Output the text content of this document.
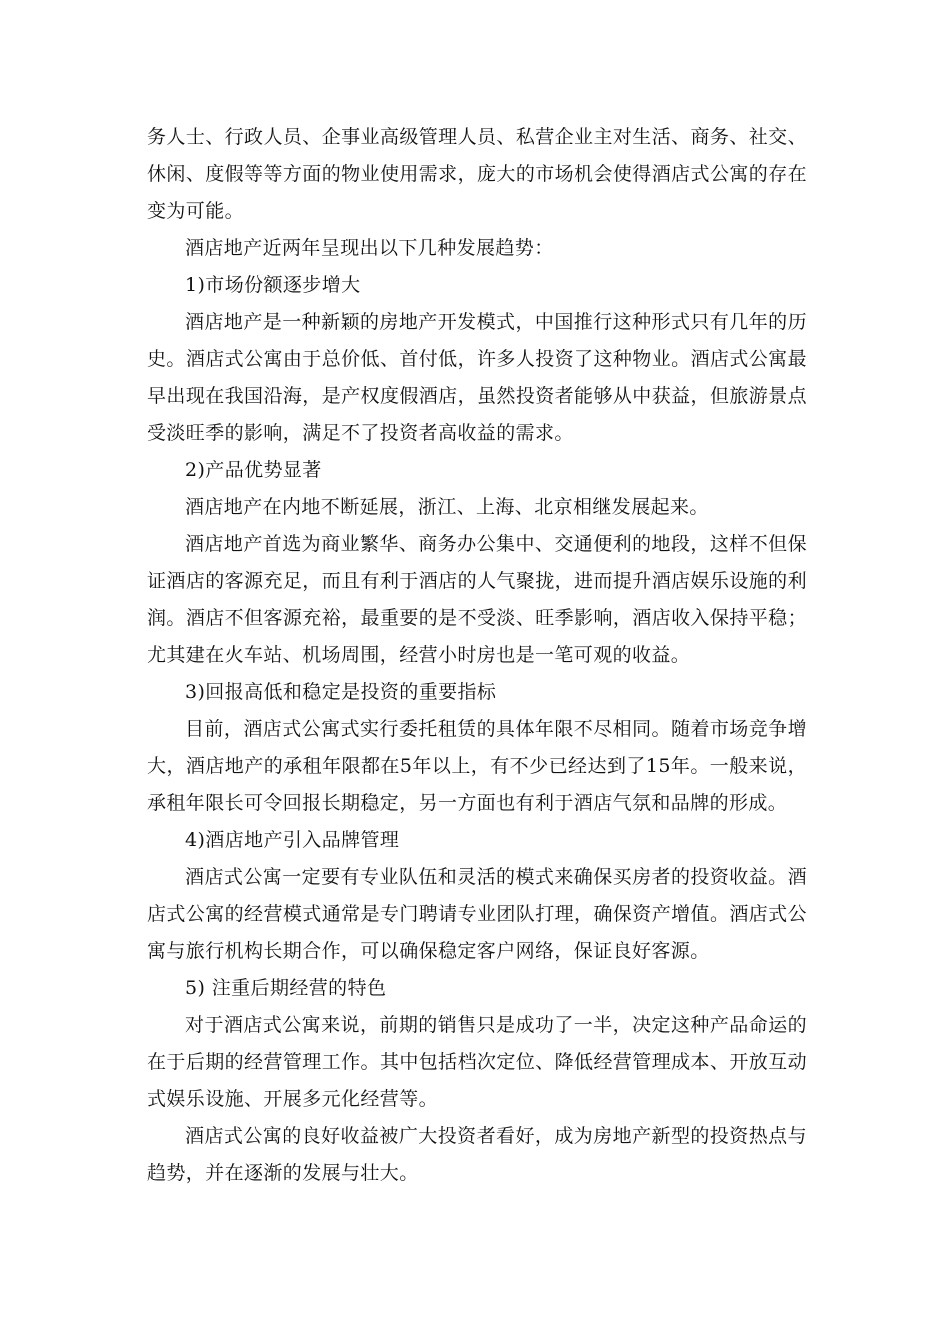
务人士、行政人员、企事业高级管理人员、私营企业主对生活、商务、社交、休闲、度假等等方面的物业使用需求，庞大的市场机会使得酒店式公寓的存在变为可能。

酒店地产近两年呈现出以下几种发展趋势：

1)市场份额逐步增大

酒店地产是一种新颖的房地产开发模式，中国推行这种形式只有几年的历史。酒店式公寓由于总价低、首付低，许多人投资了这种物业。酒店式公寓最早出现在我国沿海，是产权度假酒店，虽然投资者能够从中获益，但旅游景点受淡旺季的影响，满足不了投资者高收益的需求。

2)产品优势显著

酒店地产在内地不断延展，浙江、上海、北京相继发展起来。

酒店地产首选为商业繁华、商务办公集中、交通便利的地段，这样不但保证酒店的客源充足，而且有利于酒店的人气聚拢，进而提升酒店娱乐设施的利润。酒店不但客源充裕，最重要的是不受淡、旺季影响，酒店收入保持平稳；尤其建在火车站、机场周围，经营小时房也是一笔可观的收益。

3)回报高低和稳定是投资的重要指标

目前，酒店式公寓式实行委托租赁的具体年限不尽相同。随着市场竞争增大，酒店地产的承租年限都在5年以上，有不少已经达到了15年。一般来说，承租年限长可令回报长期稳定，另一方面也有利于酒店气氛和品牌的形成。

4)酒店地产引入品牌管理

酒店式公寓一定要有专业队伍和灵活的模式来确保买房者的投资收益。酒店式公寓的经营模式通常是专门聘请专业团队打理，确保资产增值。酒店式公寓与旅行机构长期合作，可以确保稳定客户网络，保证良好客源。

5) 注重后期经营的特色

对于酒店式公寓来说，前期的销售只是成功了一半，决定这种产品命运的在于后期的经营管理工作。其中包括档次定位、降低经营管理成本、开放互动式娱乐设施、开展多元化经营等。

酒店式公寓的良好收益被广大投资者看好，成为房地产新型的投资热点与趋势，并在逐渐的发展与壮大。
